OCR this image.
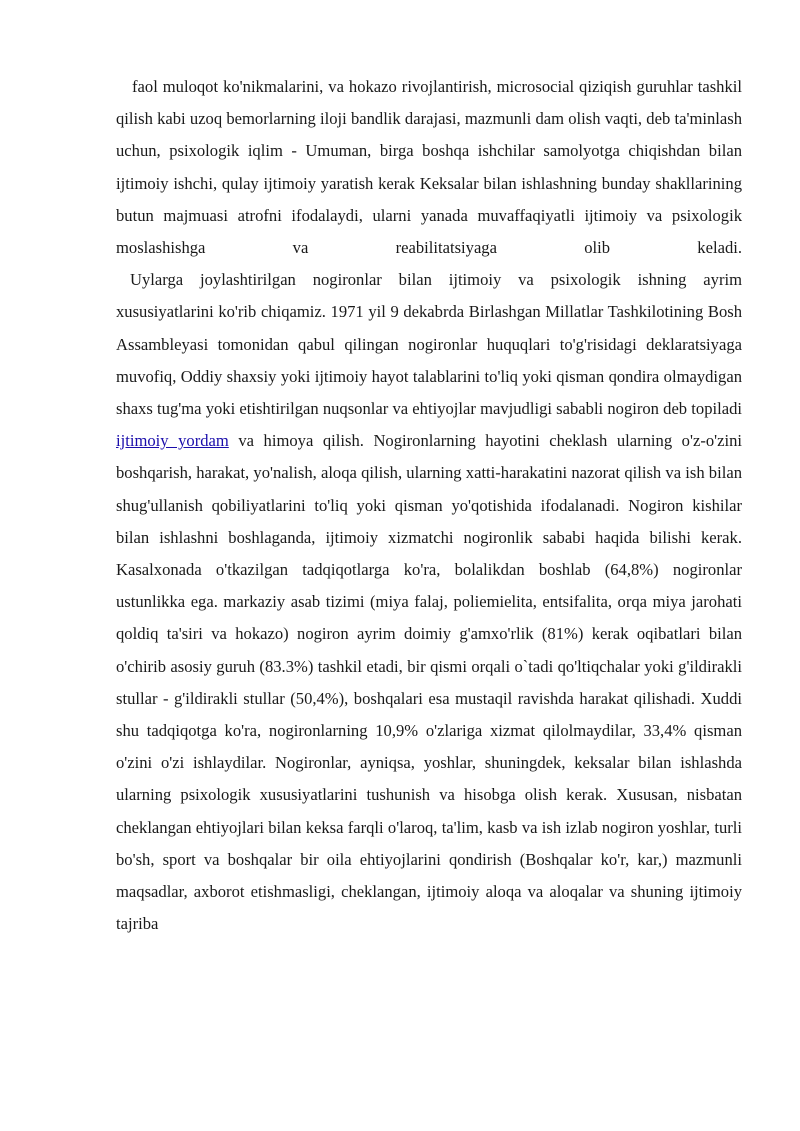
faol muloqot ko'nikmalarini, va hokazo rivojlantirish, microsocial qiziqish guruhlar tashkil qilish kabi uzoq bemorlarning iloji bandlik darajasi, mazmunli dam olish vaqti, deb ta'minlash uchun, psixologik iqlim - Umuman, birga boshqa ishchilar samolyotga chiqishdan bilan ijtimoiy ishchi, qulay ijtimoiy yaratish kerak Keksalar bilan ishlashning bunday shakllarining butun majmuasi atrofni ifodalaydi, ularni yanada muvaffaqiyatli ijtimoiy va psixologik moslashishga va reabilitatsiyaga olib keladi.

Uylarga joylashtirilgan nogironlar bilan ijtimoiy va psixologik ishning ayrim xususiyatlarini ko'rib chiqamiz. 1971 yil 9 dekabrda Birlashgan Millatlar Tashkilotining Bosh Assambleyasi tomonidan qabul qilingan nogironlar huquqlari to'g'risidagi deklaratsiyaga muvofiq, Oddiy shaxsiy yoki ijtimoiy hayot talablarini to'liq yoki qisman qondira olmaydigan shaxs tug'ma yoki etishtirilgan nuqsonlar va ehtiyojlar mavjudligi sababli nogiron deb topiladi ijtimoiy yordam va himoya qilish. Nogironlarning hayotini cheklash ularning o'z-o'zini boshqarish, harakat, yo'nalish, aloqa qilish, ularning xatti-harakatini nazorat qilish va ish bilan shug'ullanish qobiliyatlarini to'liq yoki qisman yo'qotishida ifodalanadi. Nogiron kishilar bilan ishlashni boshlaganda, ijtimoiy xizmatchi nogironlik sababi haqida bilishi kerak. Kasalxonada o'tkazilgan tadqiqotlarga ko'ra, bolalikdan boshlab (64,8%) nogironlar ustunlikka ega. markaziy asab tizimi (miya falaj, poliemielita, entsifalita, orqa miya jarohati qoldiq ta'siri va hokazo) nogiron ayrim doimiy g'amxo'rlik (81%) kerak oqibatlari bilan o'chirib asosiy guruh (83.3%) tashkil etadi, bir qismi orqali o`tadi qo'ltiqchalar yoki g'ildirakli stullar - g'ildirakli stullar (50,4%), boshqalari esa mustaqil ravishda harakat qilishadi. Xuddi shu tadqiqotga ko'ra, nogironlarning 10,9% o'zlariga xizmat qilolmaydilar, 33,4% qisman o'zini o'zi ishlaydilar. Nogironlar, ayniqsa, yoshlar, shuningdek, keksalar bilan ishlashda ularning psixologik xususiyatlarini tushunish va hisobga olish kerak. Xususan, nisbatan cheklangan ehtiyojlari bilan keksa farqli o'laroq, ta'lim, kasb va ish izlab nogiron yoshlar, turli bo'sh, sport va boshqalar bir oila ehtiyojlarini qondirish (Boshqalar ko'r, kar,) mazmunli maqsadlar, axborot etishmasligi, cheklangan, ijtimoiy aloqa va aloqalar va shuning ijtimoiy tajriba
